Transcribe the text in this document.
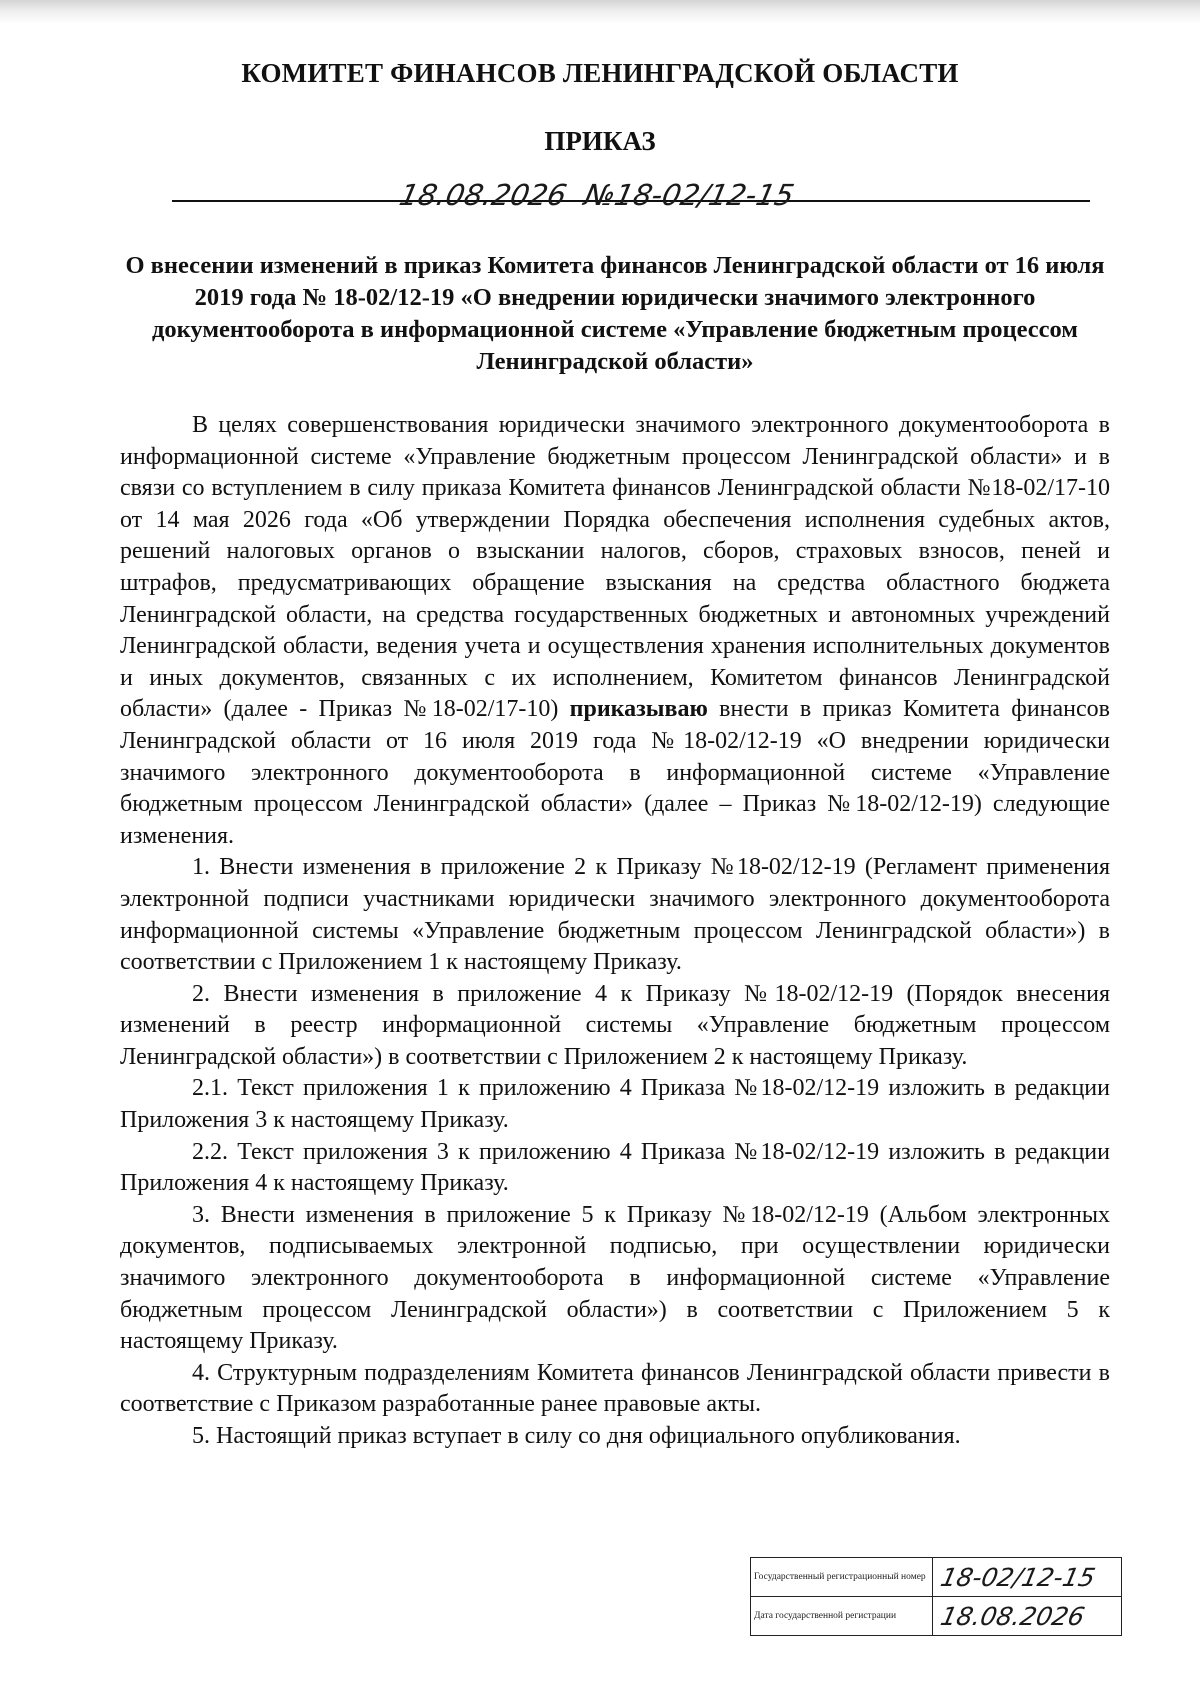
КОМИТЕТ ФИНАНСОВ ЛЕНИНГРАДСКОЙ ОБЛАСТИ
ПРИКАЗ
18.08.2026 №18-02/12-15
О внесении изменений в приказ Комитета финансов Ленинградской области от 16 июля 2019 года № 18-02/12-19 «О внедрении юридически значимого электронного документооборота в информационной системе «Управление бюджетным процессом Ленинградской области»

В целях совершенствования юридически значимого электронного документооборота в информационной системе «Управление бюджетным процессом Ленинградской области» и в связи со вступлением в силу приказа Комитета финансов Ленинградской области №18-02/17-10 от 14 мая 2026 года «Об утверждении Порядка обеспечения исполнения судебных актов, решений налоговых органов о взыскании налогов, сборов, страховых взносов, пеней и штрафов, предусматривающих обращение взыскания на средства областного бюджета Ленинградской области, на средства государственных бюджетных и автономных учреждений Ленинградской области, ведения учета и осуществления хранения исполнительных документов и иных документов, связанных с их исполнением, Комитетом финансов Ленинградской области» (далее - Приказ №18-02/17-10) приказываю внести в приказ Комитета финансов Ленинградской области от 16 июля 2019 года №18-02/12-19 «О внедрении юридически значимого электронного документооборота в информационной системе «Управление бюджетным процессом Ленинградской области» (далее – Приказ №18-02/12-19) следующие изменения.

1. Внести изменения в приложение 2 к Приказу №18-02/12-19 (Регламент применения электронной подписи участниками юридически значимого электронного документооборота информационной системы «Управление бюджетным процессом Ленинградской области») в соответствии с Приложением 1 к настоящему Приказу.

2. Внести изменения в приложение 4 к Приказу №18-02/12-19 (Порядок внесения изменений в реестр информационной системы «Управление бюджетным процессом Ленинградской области») в соответствии с Приложением 2 к настоящему Приказу.

2.1. Текст приложения 1 к приложению 4 Приказа №18-02/12-19 изложить в редакции Приложения 3 к настоящему Приказу.

2.2. Текст приложения 3 к приложению 4 Приказа №18-02/12-19 изложить в редакции Приложения 4 к настоящему Приказу.

3. Внести изменения в приложение 5 к Приказу №18-02/12-19 (Альбом электронных документов, подписываемых электронной подписью, при осуществлении юридически значимого электронного документооборота в информационной системе «Управление бюджетным процессом Ленинградской области») в соответствии с Приложением 5 к настоящему Приказу.

4. Структурным подразделениям Комитета финансов Ленинградской области привести в соответствие с Приказом разработанные ранее правовые акты.

5. Настоящий приказ вступает в силу со дня официального опубликования.

Государственный регистрационный номер	18-02/12-15
Дата государственной регистрации	18.08.2026
